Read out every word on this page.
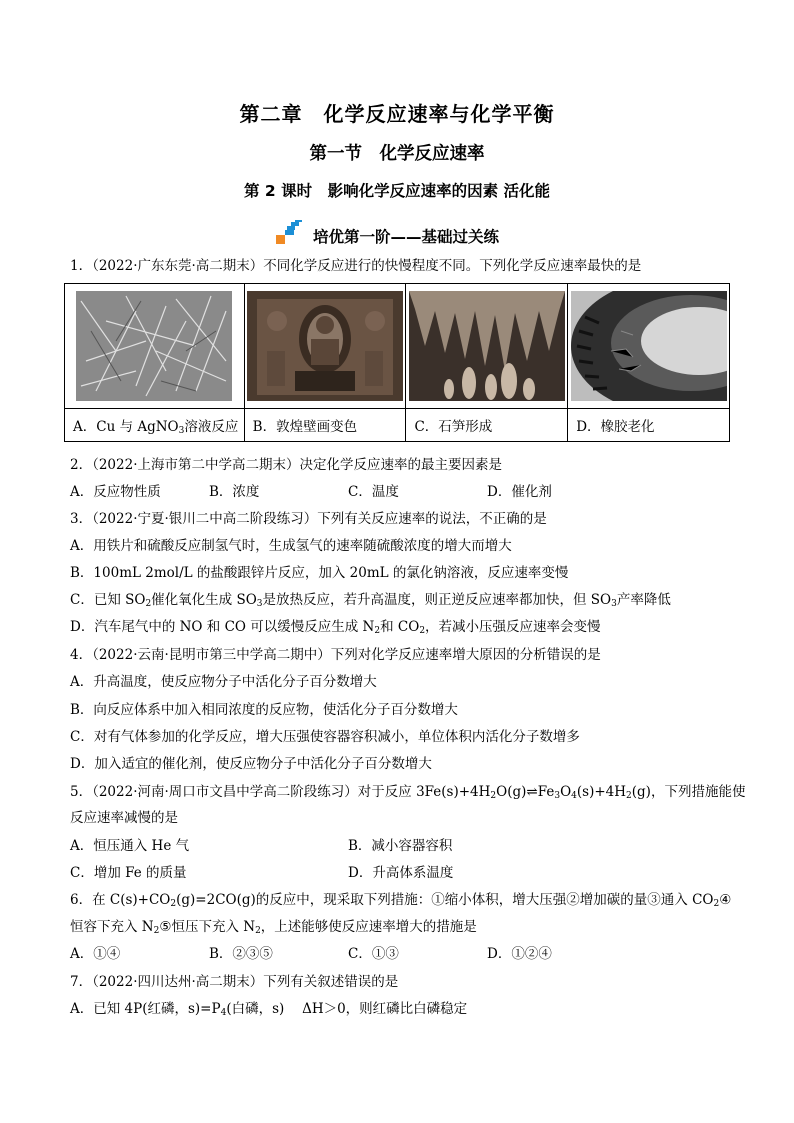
第二章　化学反应速率与化学平衡
第一节　化学反应速率
第 2 课时　影响化学反应速率的因素 活化能
培优第一阶——基础过关练
1．（2022·广东东莞·高二期末）不同化学反应进行的快慢程度不同。下列化学反应速率最快的是

A．Cu 与 AgNO$_3$溶液反应	B．敦煌壁画变色	C．石笋形成	D．橡胶老化
2．（2022·上海市第二中学高二期末）决定化学反应速率的最主要因素是
A．反应物性质	B．浓度	C．温度	D．催化剂
3．（2022·宁夏·银川二中高二阶段练习）下列有关反应速率的说法，不正确的是
A．用铁片和硫酸反应制氢气时，生成氢气的速率随硫酸浓度的增大而增大
B．100mL 2mol/L 的盐酸跟锌片反应，加入 20mL 的氯化钠溶液，反应速率变慢
C．已知 $SO_2$催化氧化生成 $SO_3$是放热反应，若升高温度，则正逆反应速率都加快，但 $SO_3$产率降低
D．汽车尾气中的 NO 和 CO 可以缓慢反应生成 $N_2$和 $CO_2$，若减小压强反应速率会变慢
4．（2022·云南·昆明市第三中学高二期中）下列对化学反应速率增大原因的分析错误的是
A．升高温度，使反应物分子中活化分子百分数增大
B．向反应体系中加入相同浓度的反应物，使活化分子百分数增大
C．对有气体参加的化学反应，增大压强使容器容积减小，单位体积内活化分子数增多
D．加入适宜的催化剂，使反应物分子中活化分子百分数增大
5．（2022·河南·周口市文昌中学高二阶段练习）对于反应 $3Fe(s)+4H_2O(g)\rightleftharpoons Fe_3O_4(s)+4H_2(g)$，下列措施能使
反应速率减慢的是
A．恒压通入 He 气	B．减小容器容积
C．增加 Fe 的质量	D．升高体系温度
6．在 $C(s)+CO_2(g)=2CO(g)$的反应中，现采取下列措施：①缩小体积，增大压强②增加碳的量③通入 $CO_2④$
恒容下充入 $N_2⑤$恒压下充入 $N_2$，上述能够使反应速率增大的措施是
A．①④	B．②③⑤	C．①③	D．①②④
7．（2022·四川达州·高二期末）下列有关叙述错误的是
A．已知 4P(红磷，$s)=P_4$(白磷，s)　 ΔH＞0，则红磷比白磷稳定
